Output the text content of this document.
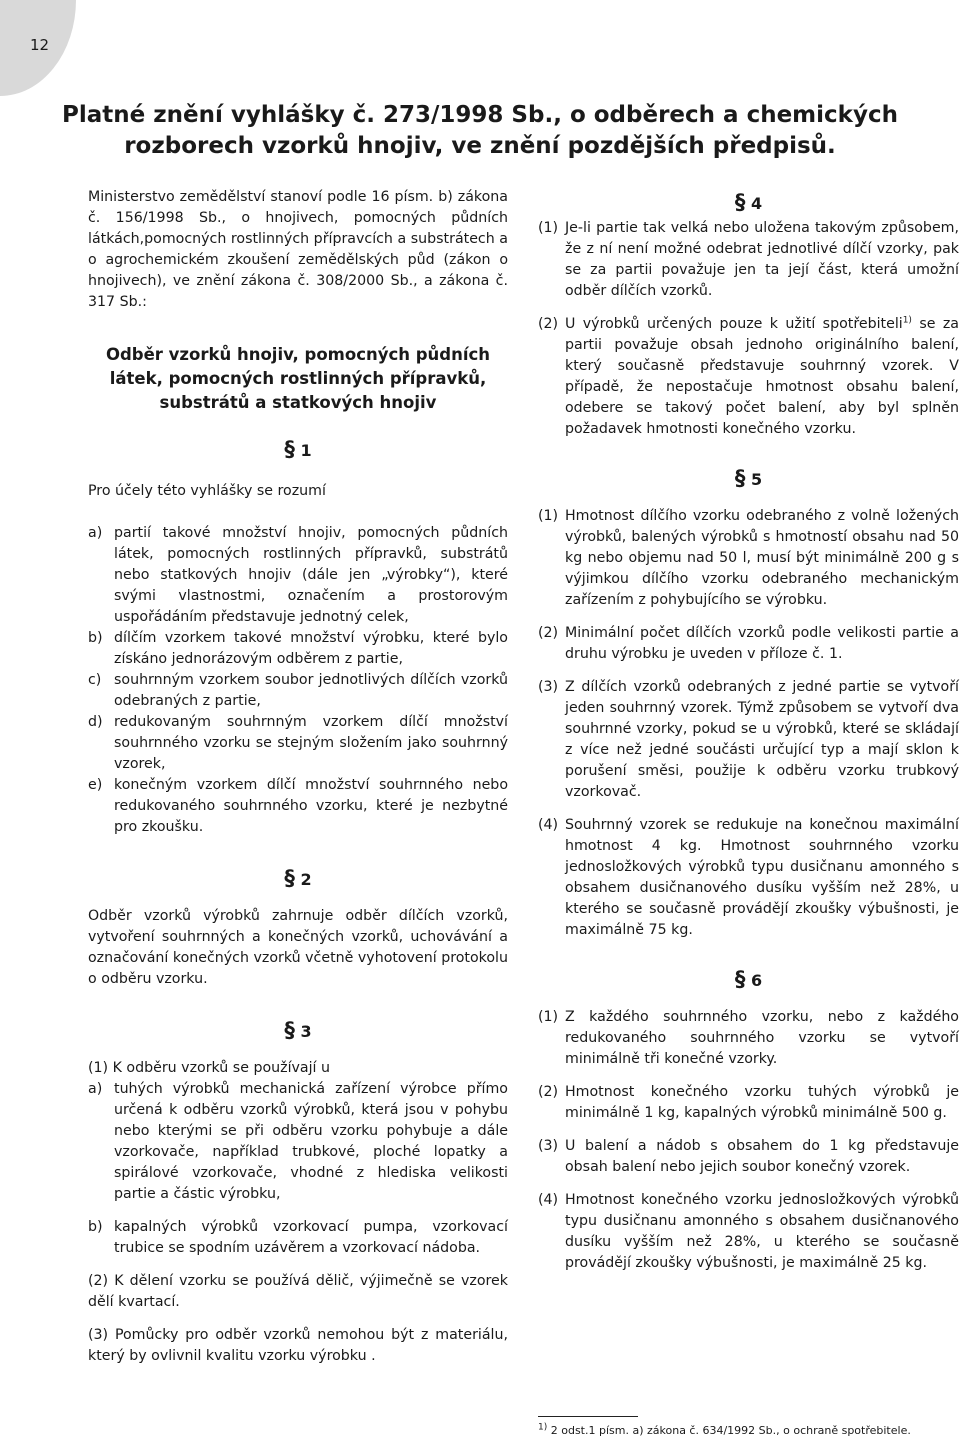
12
Platné znění vyhlášky č. 273/1998 Sb., o odběrech a chemických
rozborech vzorků hnojiv, ve znění pozdějších předpisů.

Ministerstvo zemědělství stanoví podle 16 písm. b) zákona č. 156/1998 Sb., o hnojivech, pomocných půdních látkách,pomocných rostlinných přípravcích a substrátech a o agrochemickém zkoušení zemědělských půd (zákon o hnojivech), ve znění zákona č. 308/2000 Sb., a zákona č. 317 Sb.:

Odběr vzorků hnojiv, pomocných půdních látek, pomocných rostlinných přípravků, substrátů a statkových hnojiv
§ 1

Pro účely této vyhlášky se rozumí

a) partií takové množství hnojiv, pomocných půdních látek, pomocných rostlinných přípravků, substrátů nebo statkových hnojiv (dále jen „výrobky“), které svými vlastnostmi, označením a prostorovým uspořádáním představuje jednotný celek,
b) dílčím vzorkem takové množství výrobku, které bylo získáno jednorázovým odběrem z partie,
c) souhrnným vzorkem soubor jednotlivých dílčích vzorků odebraných z partie,
d) redukovaným souhrnným vzorkem dílčí množství souhrnného vzorku se stejným složením jako souhrnný vzorek,
e) konečným vzorkem dílčí množství souhrnného nebo redukovaného souhrnného vzorku, které je nezbytné pro zkoušku.
§ 2

Odběr vzorků výrobků zahrnuje odběr dílčích vzorků, vytvoření souhrnných a konečných vzorků, uchovávání a označování konečných vzorků včetně vyhotovení protokolu o odběru vzorku.

§ 3

(1) K odběru vzorků se používají u

a) tuhých výrobků mechanická zařízení výrobce přímo určená k odběru vzorků výrobků, která jsou v pohybu nebo kterými se při odběru vzorku pohybuje a dále vzorkovače, například trubkové, ploché lopatky a spirálové vzorkovače, vhodné z hlediska velikosti partie a částic výrobku,
b) kapalných výrobků vzorkovací pumpa, vzorkovací trubice se spodním uzávěrem a vzorkovací nádoba.

(2) K dělení vzorku se používá dělič, výjimečně se vzorek dělí kvartací.

(3) Pomůcky pro odběr vzorků nemohou být z materiálu, který by ovlivnil kvalitu vzorku výrobku .

§ 4
(1) Je-li partie tak velká nebo uložena takovým způsobem, že z ní není možné odebrat jednotlivé dílčí vzorky, pak se za partii považuje jen ta její část, která umožní odběr dílčích vzorků.
(2) U výrobků určených pouze k užití spotřebiteli$^{1)}$ se za partii považuje obsah jednoho originálního balení, který současně představuje souhrnný vzorek. V případě, že nepostačuje hmotnost obsahu balení, odebere se takový počet balení, aby byl splněn požadavek hmotnosti konečného vzorku.
§ 5
(1) Hmotnost dílčího vzorku odebraného z volně ložených výrobků, balených výrobků s hmotností obsahu nad 50 kg nebo objemu nad 50 l, musí být minimálně 200 g s výjimkou dílčího vzorku odebraného mechanickým zařízením z pohybujícího se výrobku.
(2) Minimální počet dílčích vzorků podle velikosti partie a druhu výrobku je uveden v příloze č. 1.
(3) Z dílčích vzorků odebraných z jedné partie se vytvoří jeden souhrnný vzorek. Týmž způsobem se vytvoří dva souhrnné vzorky, pokud se u výrobků, které se skládají z více než jedné součásti určující typ a mají sklon k porušení směsi, použije k odběru vzorku trubkový vzorkovač.
(4) Souhrnný vzorek se redukuje na konečnou maximální hmotnost 4 kg. Hmotnost souhrnného vzorku jednosložkových výrobků typu dusičnanu amonného s obsahem dusičnanového dusíku vyšším než 28%, u kterého se současně provádějí zkoušky výbušnosti, je maximálně 75 kg.
§ 6
(1) Z každého souhrnného vzorku, nebo z každého redukovaného souhrnného vzorku se vytvoří minimálně tři konečné vzorky.
(2) Hmotnost konečného vzorku tuhých výrobků je minimálně 1 kg, kapalných výrobků minimálně 500 g.
(3) U balení a nádob s obsahem do 1 kg představuje obsah balení nebo jejich soubor konečný vzorek.
(4) Hmotnost konečného vzorku jednosložkových výrobků typu dusičnanu amonného s obsahem dusičnanového dusíku vyšším než 28%, u kterého se současně provádějí zkoušky výbušnosti, je maximálně 25 kg.
$^{1)}$ 2 odst.1 písm. a) zákona č. 634/1992 Sb., o ochraně spotřebitele.
